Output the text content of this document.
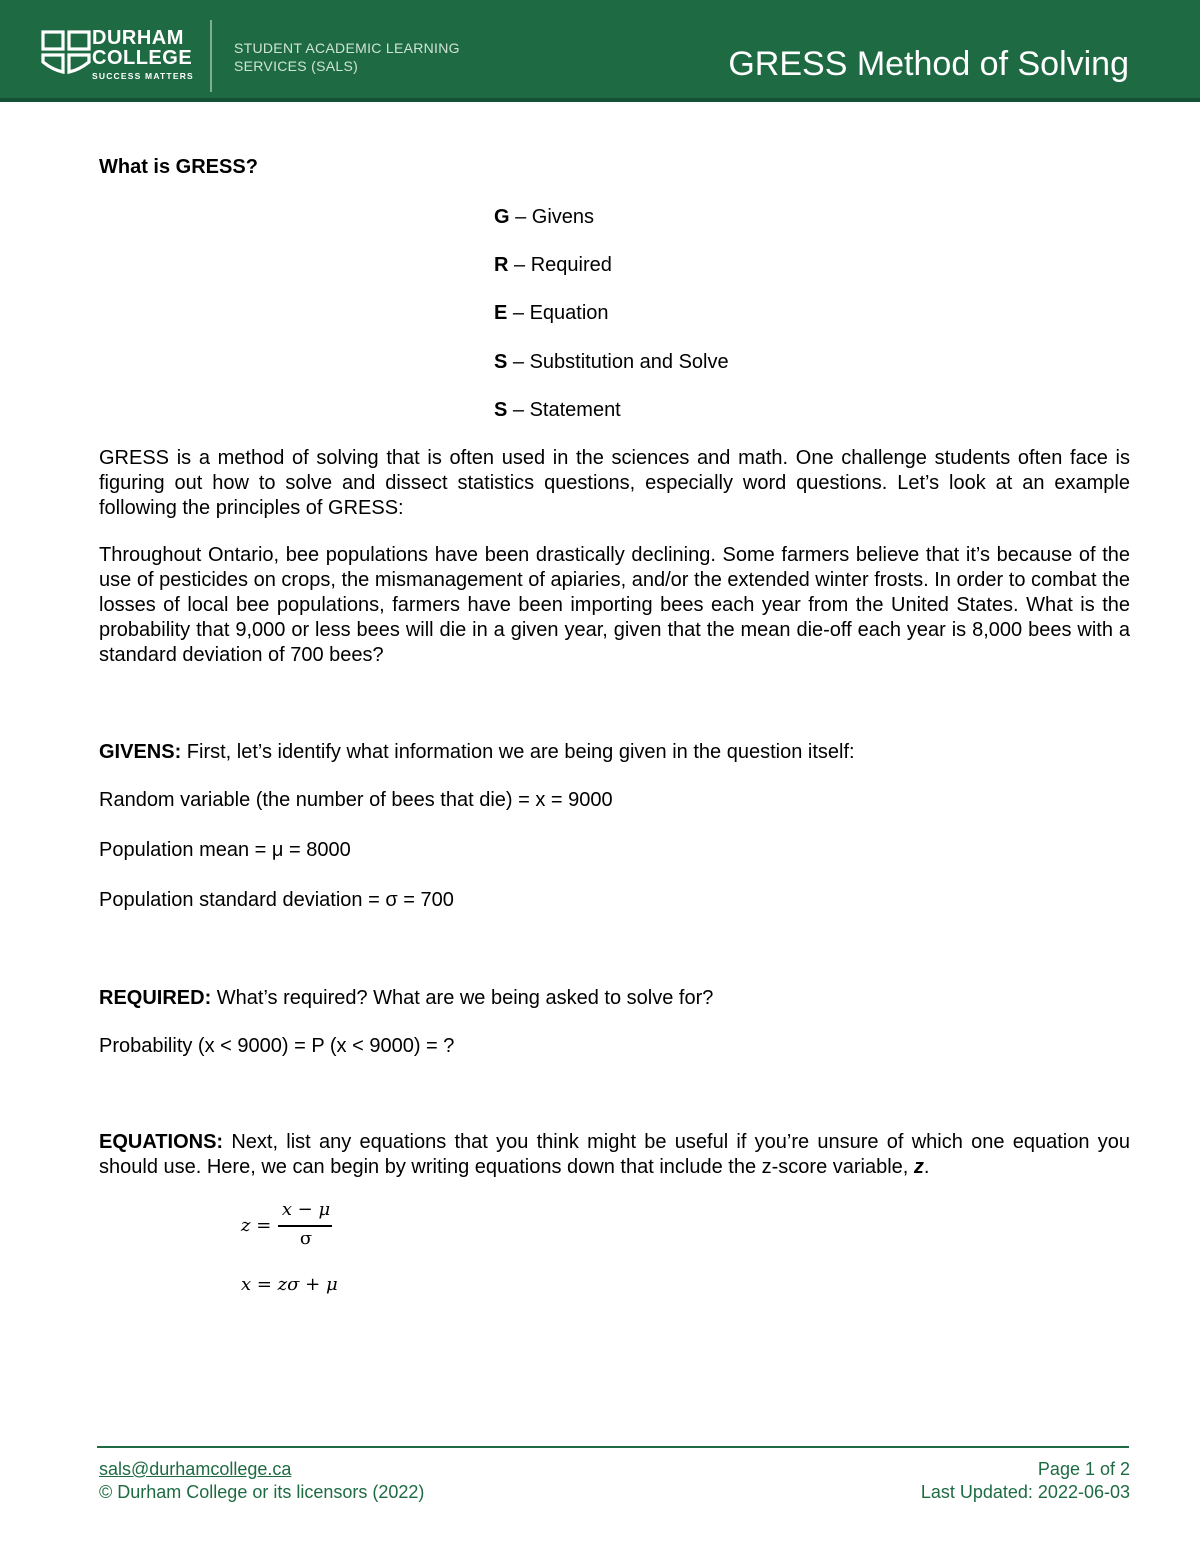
DURHAM
COLLEGE
SUCCESS MATTERS
STUDENT ACADEMIC LEARNING
SERVICES (SALS)	GRESS Method of Solving
What is GRESS?
G – Givens
R – Required
E – Equation
S – Substitution and Solve
S – Statement
GRESS is a method of solving that is often used in the sciences and math. One challenge students often face is figuring out how to solve and dissect statistics questions, especially word questions. Let’s look at an example following the principles of GRESS:
Throughout Ontario, bee populations have been drastically declining. Some farmers believe that it’s because of the use of pesticides on crops, the mismanagement of apiaries, and/or the extended winter frosts. In order to combat the losses of local bee populations, farmers have been importing bees each year from the United States. What is the probability that 9,000 or less bees will die in a given year, given that the mean die-off each year is 8,000 bees with a standard deviation of 700 bees?
GIVENS: First, let’s identify what information we are being given in the question itself:
Random variable (the number of bees that die) = x = 9000
Population mean = μ = 8000
Population standard deviation = σ = 700
REQUIRED: What’s required? What are we being asked to solve for?
Probability (x < 9000) = P (x < 9000) = ?
EQUATIONS: Next, list any equations that you think might be useful if you’re unsure of which one equation you should use. Here, we can begin by writing equations down that include the z-score variable, z.
z =
x − μ
σ
x = zσ + μ
sals@durhamcollege.ca
© Durham College or its licensors (2022)
Page 1 of 2
Last Updated: 2022-06-03
